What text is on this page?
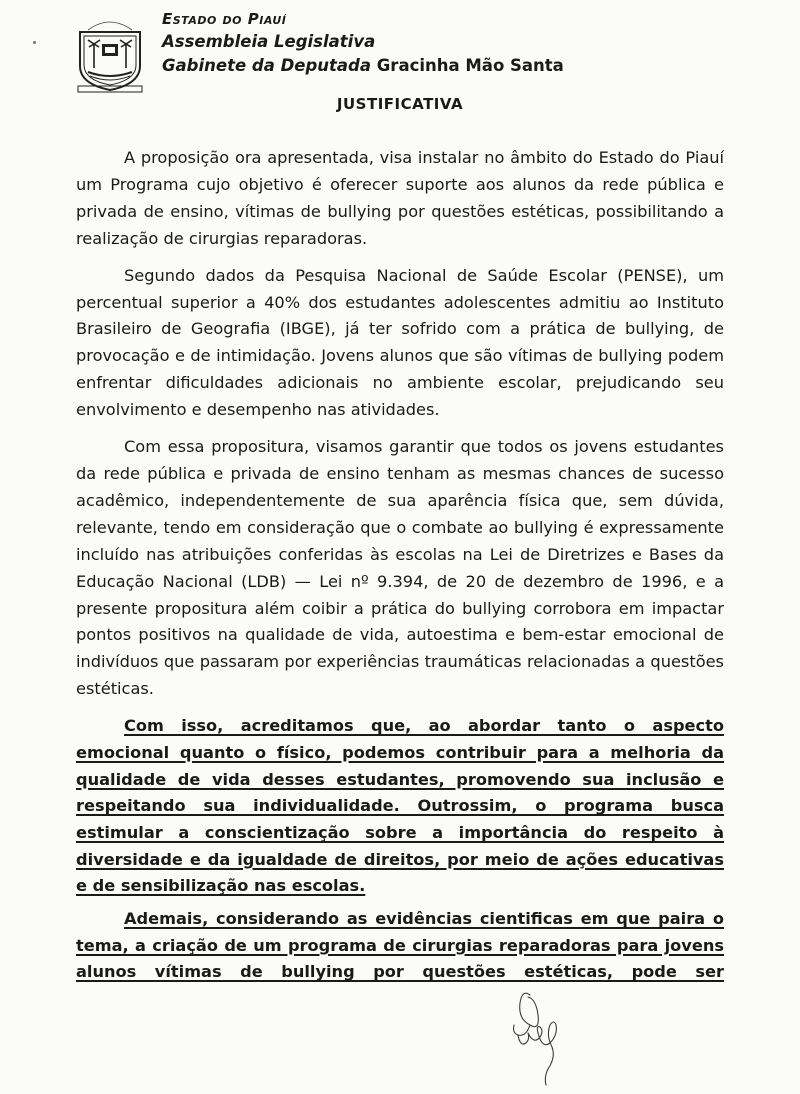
Estado do Piauí
Assembleia Legislativa
Gabinete da Deputada Gracinha Mão Santa
JUSTIFICATIVA

A proposição ora apresentada, visa instalar no âmbito do Estado do Piauí um Programa cujo objetivo é oferecer suporte aos alunos da rede pública e privada de ensino, vítimas de bullying por questões estéticas, possibilitando a realização de cirurgias reparadoras.

Segundo dados da Pesquisa Nacional de Saúde Escolar (PENSE), um percentual superior a 40% dos estudantes adolescentes admitiu ao Instituto Brasileiro de Geografia (IBGE), já ter sofrido com a prática de bullying, de provocação e de intimidação. Jovens alunos que são vítimas de bullying podem enfrentar dificuldades adicionais no ambiente escolar, prejudicando seu envolvimento e desempenho nas atividades.

Com essa propositura, visamos garantir que todos os jovens estudantes da rede pública e privada de ensino tenham as mesmas chances de sucesso acadêmico, independentemente de sua aparência física que, sem dúvida, relevante, tendo em consideração que o combate ao bullying é expressamente incluído nas atribuições conferidas às escolas na Lei de Diretrizes e Bases da Educação Nacional (LDB) — Lei nº 9.394, de 20 de dezembro de 1996, e a presente propositura além coibir a prática do bullying corrobora em impactar pontos positivos na qualidade de vida, autoestima e bem-estar emocional de indivíduos que passaram por experiências traumáticas relacionadas a questões estéticas.

Com isso, acreditamos que, ao abordar tanto o aspecto emocional quanto o físico, podemos contribuir para a melhoria da qualidade de vida desses estudantes, promovendo sua inclusão e respeitando sua individualidade. Outrossim, o programa busca estimular a conscientização sobre a importância do respeito à diversidade e da igualdade de direitos, por meio de ações educativas e de sensibilização nas escolas.

Ademais, considerando as evidências cientificas em que paira o tema, a criação de um programa de cirurgias reparadoras para jovens alunos vítimas de bullying por questões estéticas, pode ser
